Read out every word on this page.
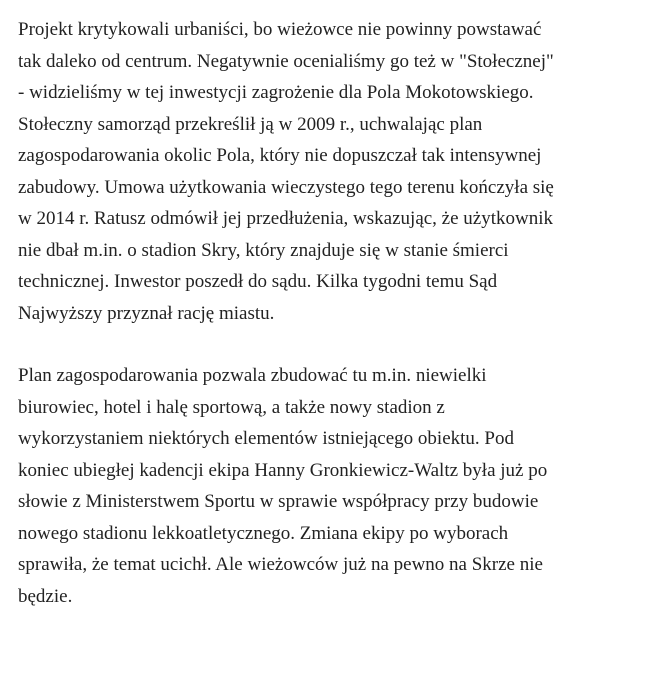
Projekt krytykowali urbaniści, bo wieżowce nie powinny powstawać
tak daleko od centrum. Negatywnie ocenialiśmy go też w "Stołecznej"
- widzieliśmy w tej inwestycji zagrożenie dla Pola Mokotowskiego.
Stołeczny samorząd przekreślił ją w 2009 r., uchwalając plan
zagospodarowania okolic Pola, który nie dopuszczał tak intensywnej
zabudowy. Umowa użytkowania wieczystego tego terenu kończyła się
w 2014 r. Ratusz odmówił jej przedłużenia, wskazując, że użytkownik
nie dbał m.in. o stadion Skry, który znajduje się w stanie śmierci
technicznej. Inwestor poszedł do sądu. Kilka tygodni temu Sąd
Najwyższy przyznał rację miastu.

Plan zagospodarowania pozwala zbudować tu m.in. niewielki
biurowiec, hotel i halę sportową, a także nowy stadion z
wykorzystaniem niektórych elementów istniejącego obiektu. Pod
koniec ubiegłej kadencji ekipa Hanny Gronkiewicz-Waltz była już po
słowie z Ministerstwem Sportu w sprawie współpracy przy budowie
nowego stadionu lekkoatletycznego. Zmiana ekipy po wyborach
sprawiła, że temat ucichł. Ale wieżowców już na pewno na Skrze nie
będzie.
